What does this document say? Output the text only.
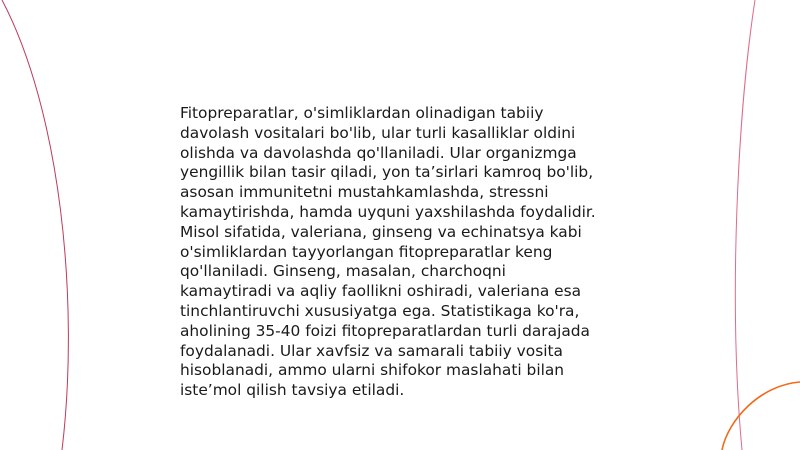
Fitopreparatlar, o'simliklardan olinadigan tabiiy
davolash vositalari bo'lib, ular turli kasalliklar oldini
olishda va davolashda qo'llaniladi. Ular organizmga
yengillik bilan tasir qiladi, yon taʼsirlari kamroq bo'lib,
asosan immunitetni mustahkamlashda, stressni
kamaytirishda, hamda uyquni yaxshilashda foydalidir.
Misol sifatida, valeriana, ginseng va echinatsya kabi
o'simliklardan tayyorlangan fitopreparatlar keng
qo'llaniladi. Ginseng, masalan, charchoqni
kamaytiradi va aqliy faollikni oshiradi, valeriana esa
tinchlantiruvchi xususiyatga ega. Statistikaga ko'ra,
aholining 35-40 foizi fitopreparatlardan turli darajada
foydalanadi. Ular xavfsiz va samarali tabiiy vosita
hisoblanadi, ammo ularni shifokor maslahati bilan
isteʼmol qilish tavsiya etiladi.
